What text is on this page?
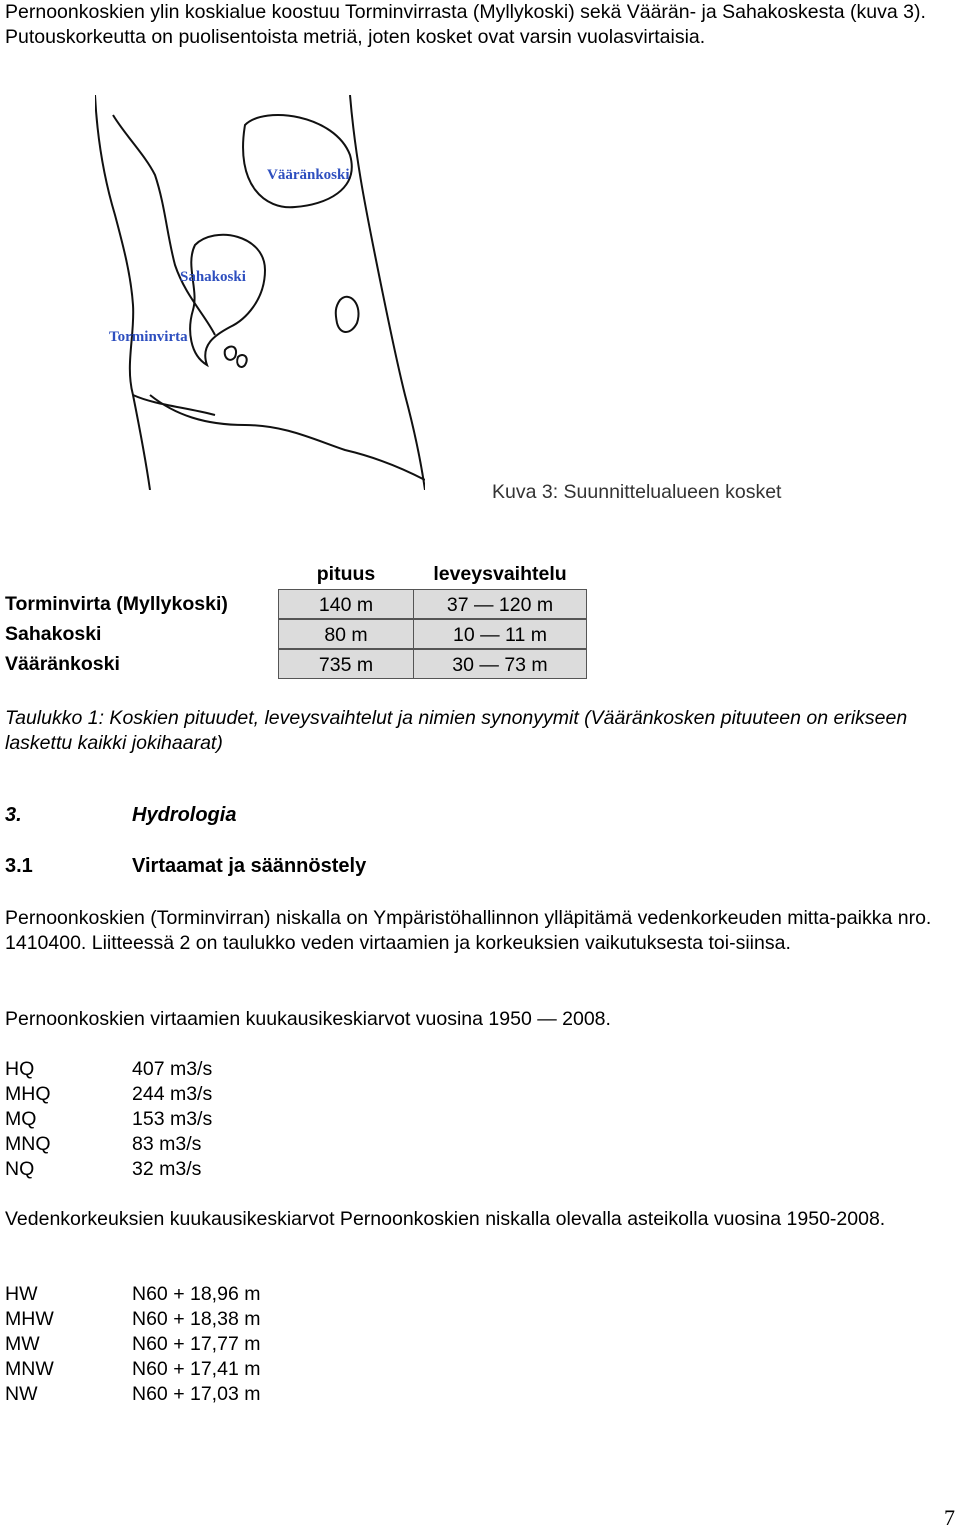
Pernoonkoskien ylin koskialue koostuu Torminvirrasta (Myllykoski) sekä Väärän- ja Sahakoskesta (kuva 3). Putouskorkeutta on puolisentoista metriä, joten kosket ovat varsin vuolasvirtaisia.

Vääränkoski
Sahakoski
Torminvirta
Kuva 3: Suunnittelualueen kosket
pituus	leveysvaihtelu
Torminvirta (Myllykoski)	140 m	37 — 120 m
Sahakoski	80 m	10 — 11 m
Vääränkoski	735 m	30 — 73 m

Taulukko 1: Koskien pituudet, leveysvaihtelut ja nimien synonyymit (Vääränkosken pituuteen on erikseen laskettu kaikki jokihaarat)

3.	Hydrologia
3.1	Virtaamat ja säännöstely

Pernoonkoskien (Torminvirran) niskalla on Ympäristöhallinnon ylläpitämä vedenkorkeuden mitta-paikka nro. 1410400. Liitteessä 2 on taulukko veden virtaamien ja korkeuksien vaikutuksesta toi-siinsa.

Pernoonkoskien virtaamien kuukausikeskiarvot vuosina 1950 — 2008.

HQ	407 m3/s
MHQ	244 m3/s
MQ	153 m3/s
MNQ	83 m3/s
NQ	32 m3/s

Vedenkorkeuksien kuukausikeskiarvot Pernoonkoskien niskalla olevalla asteikolla vuosina 1950-2008.

HW	N60 + 18,96 m
MHW	N60 + 18,38 m
MW	N60 + 17,77 m
MNW	N60 + 17,41 m
NW	N60 + 17,03 m
7
